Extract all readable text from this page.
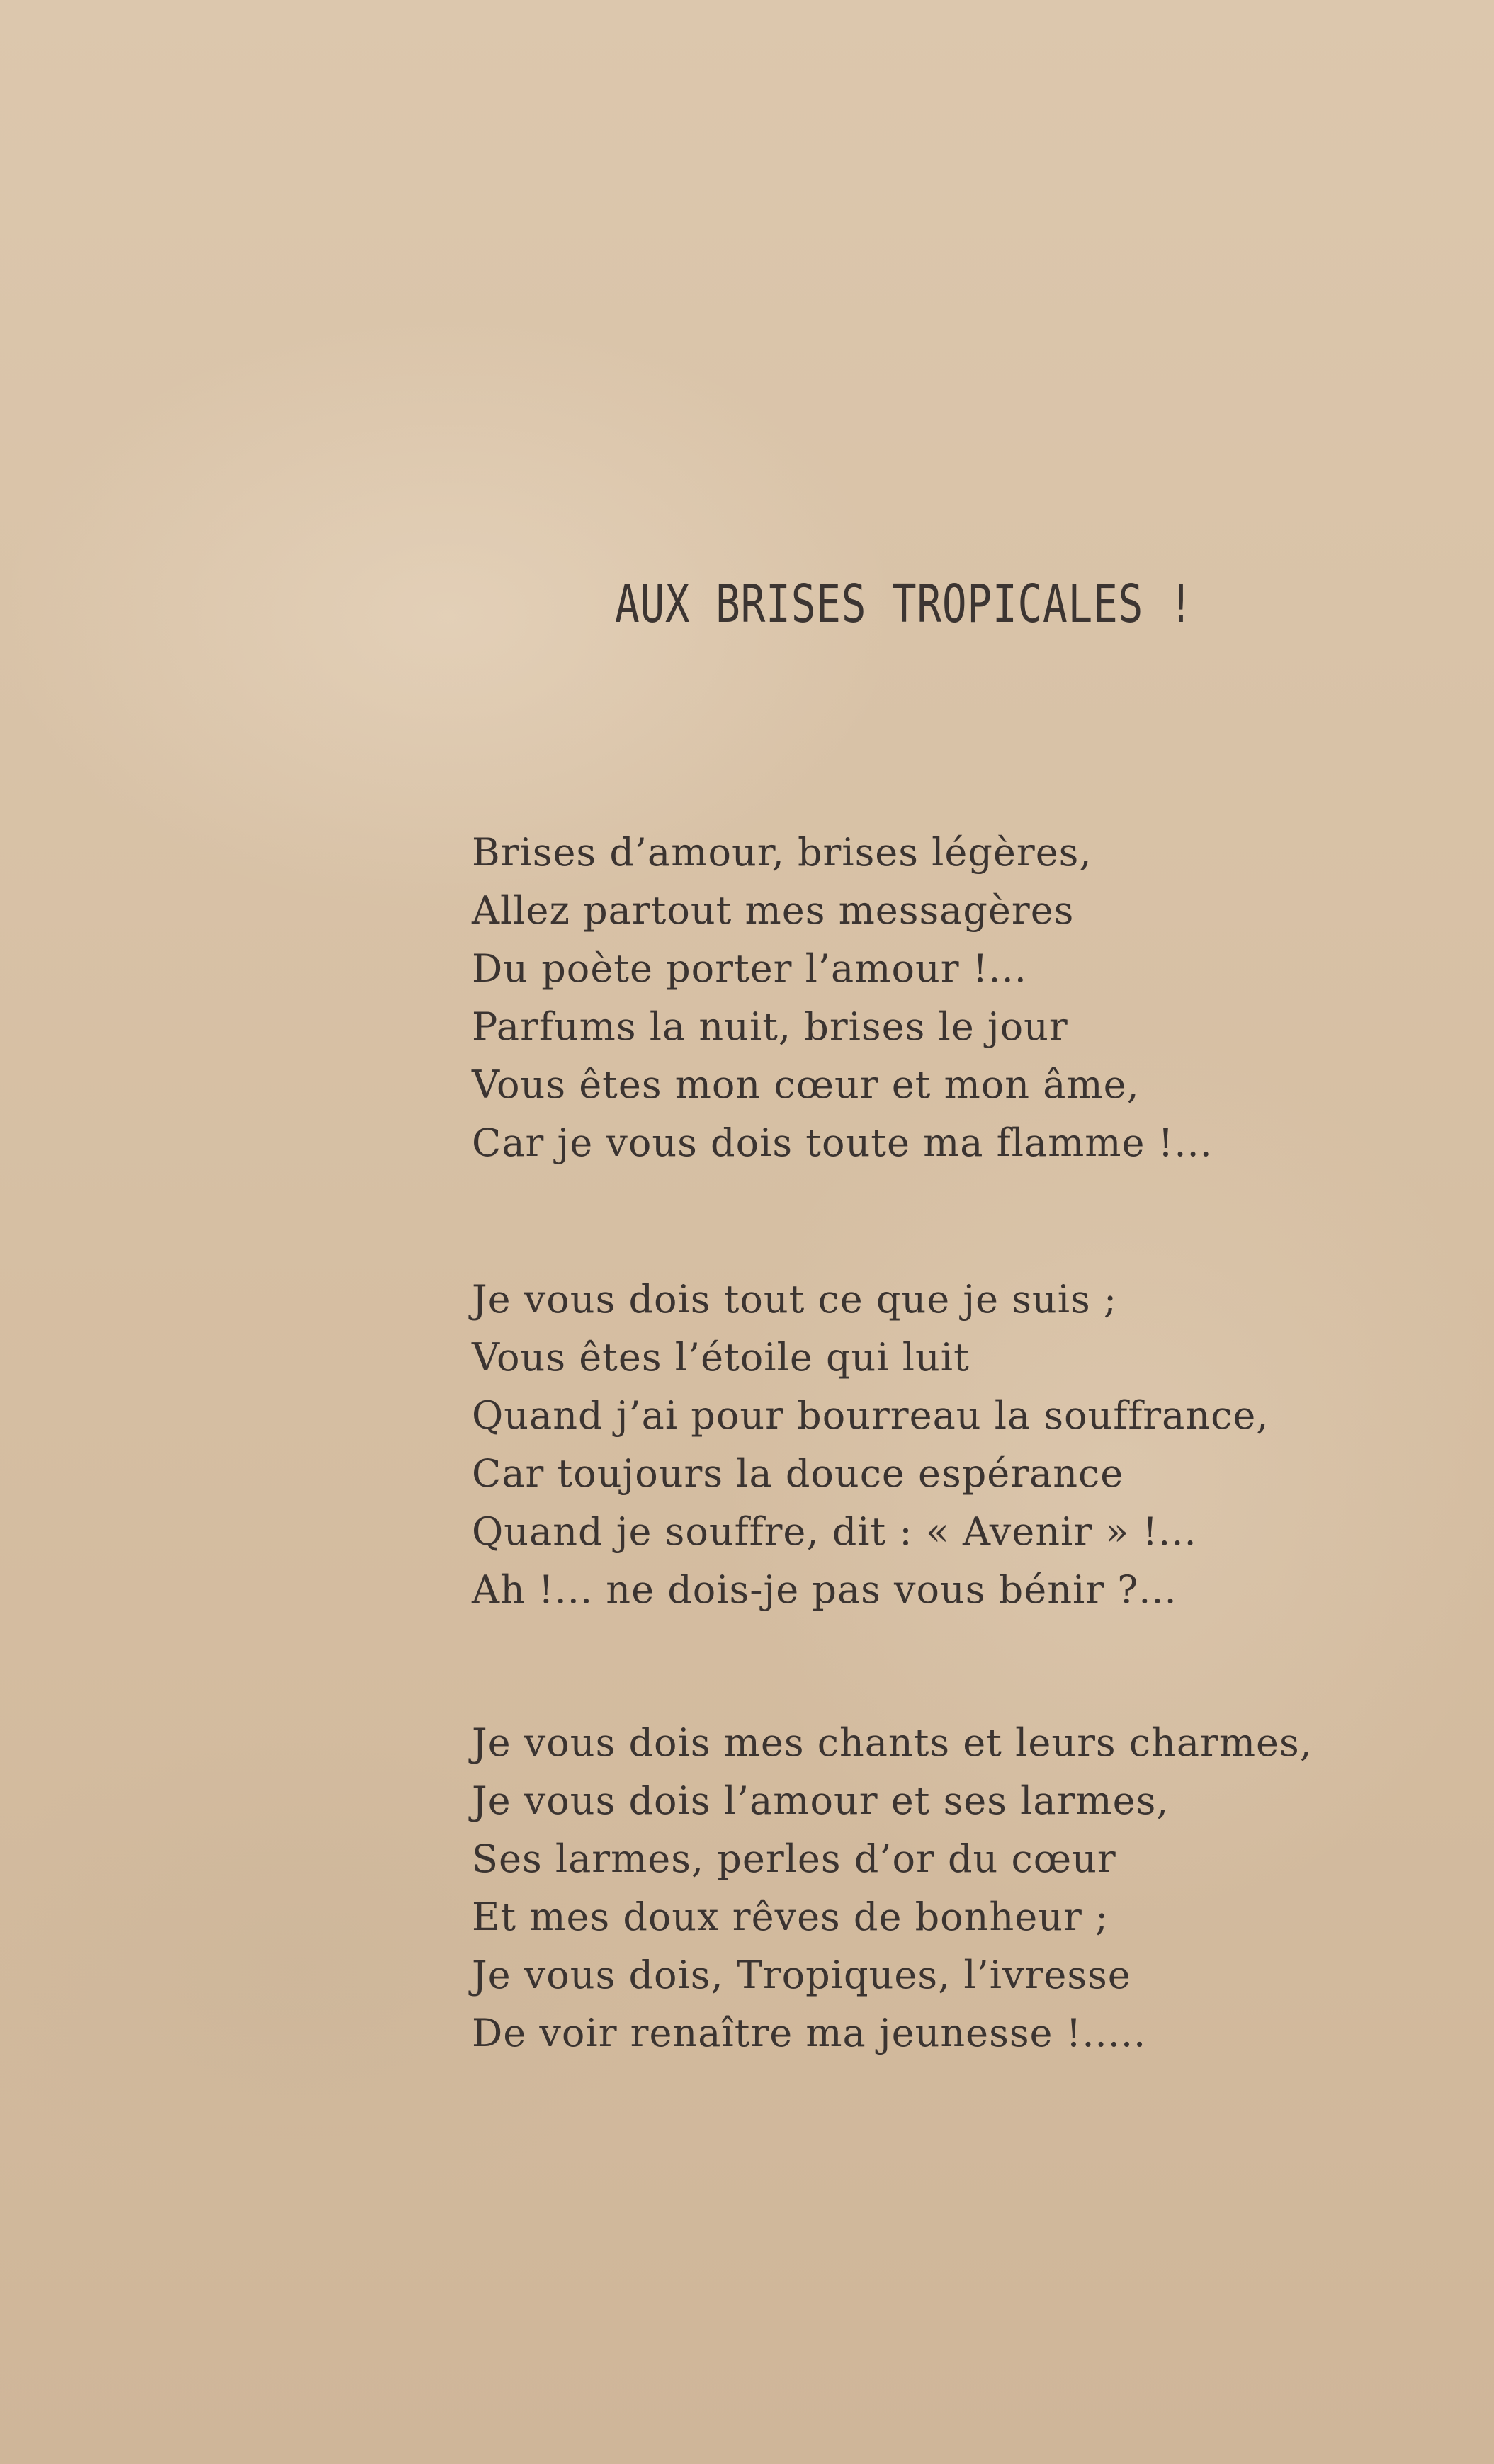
AUX BRISES TROPICALES !
Brises d’amour, brises légères,
Allez partout mes messagères
Du poète porter l’amour !...
Parfums la nuit, brises le jour
Vous êtes mon cœur et mon âme,
Car je vous dois toute ma flamme !...
Je vous dois tout ce que je suis ;
Vous êtes l’étoile qui luit
Quand j’ai pour bourreau la souffrance,
Car toujours la douce espérance
Quand je souffre, dit : « Avenir » !...
Ah !... ne dois-je pas vous bénir ?...
Je vous dois mes chants et leurs charmes,
Je vous dois l’amour et ses larmes,
Ses larmes, perles d’or du cœur
Et mes doux rêves de bonheur ;
Je vous dois, Tropiques, l’ivresse
De voir renaître ma jeunesse !.....
